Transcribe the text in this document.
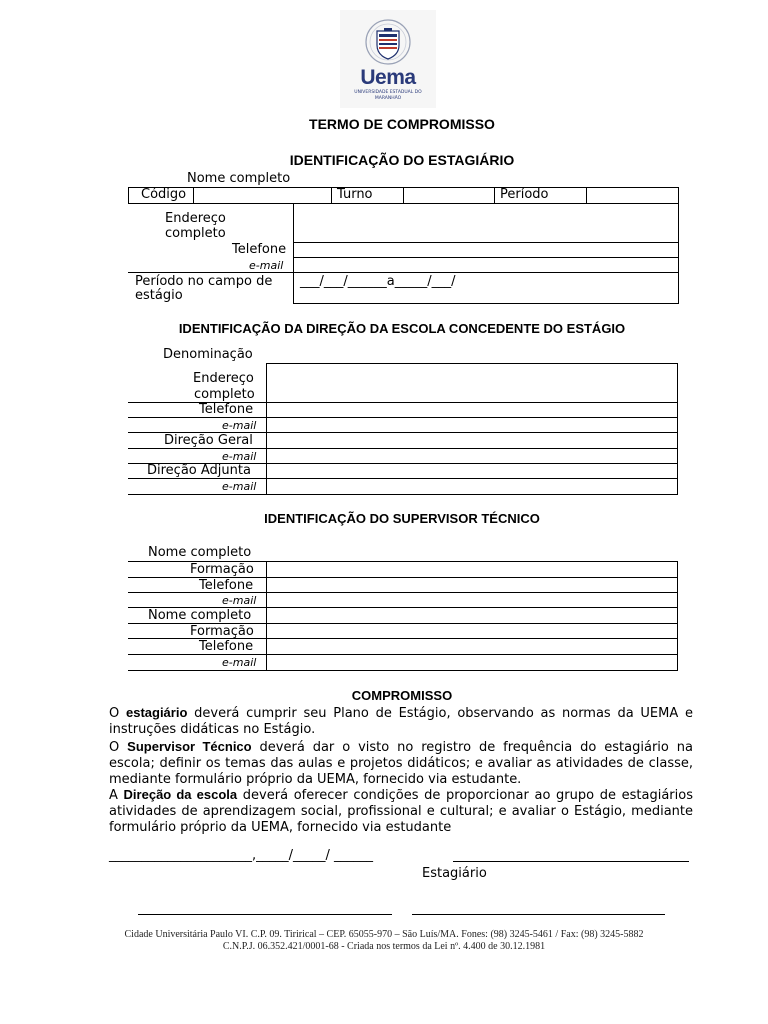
Uema
UNIVERSIDADE ESTADUAL DO MARANHÃO
TERMO DE COMPROMISSO
IDENTIFICAÇÃO DO ESTAGIÁRIO
Nome completo
Código	Turno	Período
Endereço
completo
Telefone
e-mail
Período no campo de
estágio
___/___/______a_____/___/
IDENTIFICAÇÃO DA DIREÇÃO DA ESCOLA CONCEDENTE DO ESTÁGIO
Denominação
Endereço
completo
Telefone
e-mail
Direção Geral
e-mail
Direção Adjunta
e-mail
IDENTIFICAÇÃO DO SUPERVISOR TÉCNICO
Nome completo
Formação
Telefone
e-mail
Nome completo
Formação
Telefone
e-mail
COMPROMISSO
O estagiário deverá cumprir seu Plano de Estágio, observando as normas da UEMA e instruções didáticas no Estágio.
O Supervisor Técnico deverá dar o visto no registro de frequência do estagiário na escola; definir os temas das aulas e projetos didáticos; e avaliar as atividades de classe, mediante formulário próprio da UEMA, fornecido via estudante.
A Direção da escola deverá oferecer condições de proporcionar ao grupo de estagiários atividades de aprendizagem social, profissional e cultural; e avaliar o Estágio, mediante formulário próprio da UEMA, fornecido via estudante
______________________,_____/_____/ ______
Estagiário
Cidade Universitária Paulo VI. C.P. 09. Tirirical – CEP. 65055-970 – São Luís/MA. Fones: (98) 3245-5461 / Fax: (98) 3245-5882
C.N.P.J. 06.352.421/0001-68 - Criada nos termos da Lei nº. 4.400 de 30.12.1981
